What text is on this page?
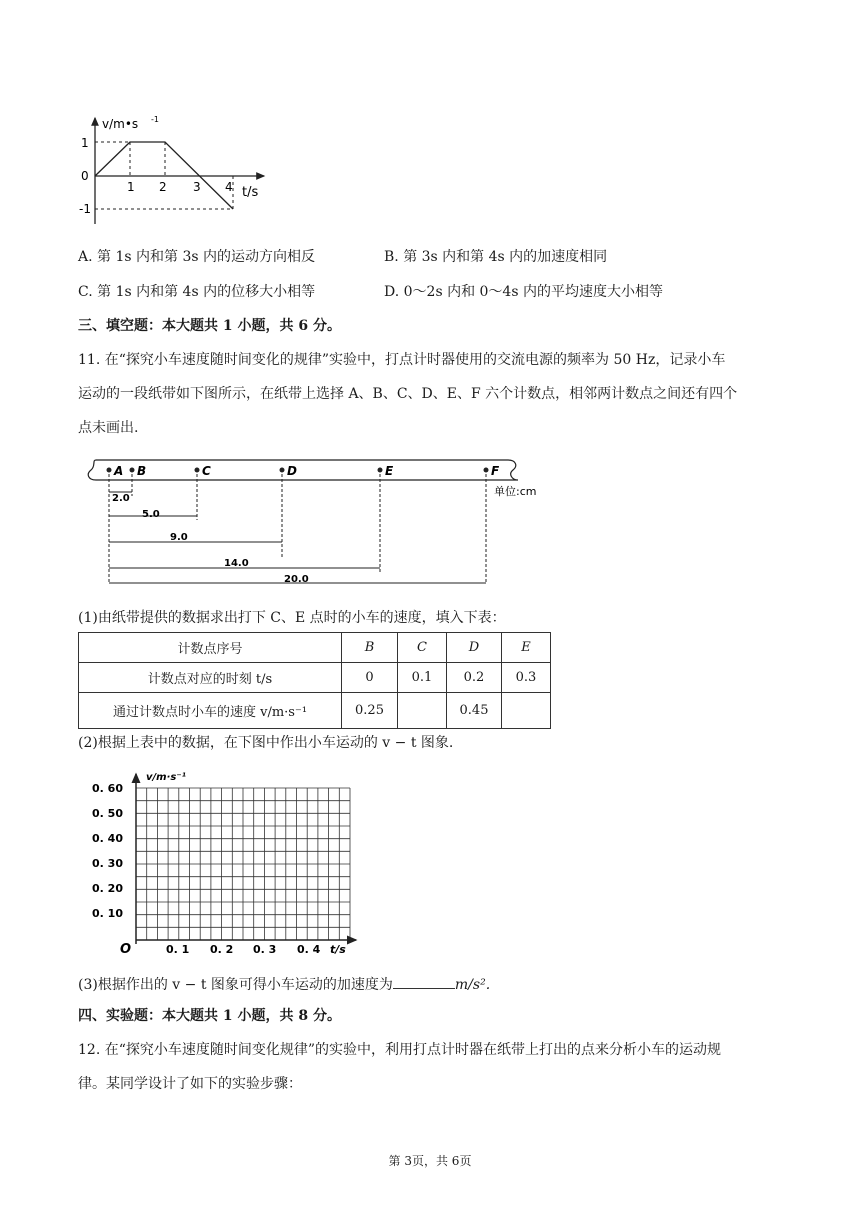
v/m•s -1
1
0
-1
1 2 3 4 t/s
A. 第 1s 内和第 3s 内的运动方向相反	B. 第 3s 内和第 4s 内的加速度相同
C. 第 1s 内和第 4s 内的位移大小相等	D. 0～2s 内和 0～4s 内的平均速度大小相等
三、填空题：本大题共 1 小题，共 6 分。
11. 在“探究小车速度随时间变化的规律”实验中，打点计时器使用的交流电源的频率为 50 Hz，记录小车
运动的一段纸带如下图所示，在纸带上选择 A、B、C、D、E、F 六个计数点，相邻两计数点之间还有四个
点未画出.
A B	C	D	E	F
单位:cm
2.0
5.0
9.0
14.0
20.0
(1)由纸带提供的数据求出打下 C、E 点时的小车的速度，填入下表：
计数点序号	B	C	D	E
计数点对应的时刻 t/s	0	0.1	0.2	0.3
通过计数点时小车的速度 v/m·s⁻¹	0.25		0.45	
(2)根据上表中的数据，在下图中作出小车运动的 v − t 图象.
v/m·s⁻¹
0. 60
0. 50
0. 40
0. 30
0. 20
0. 10
O	0. 1 0. 2 0. 3 0. 4 t/s
(3)根据作出的 v − t 图象可得小车运动的加速度为	m/s².
四、实验题：本大题共 1 小题，共 8 分。
12. 在“探究小车速度随时间变化规律”的实验中，利用打点计时器在纸带上打出的点来分析小车的运动规
律。某同学设计了如下的实验步骤：
第 3页，共 6页
